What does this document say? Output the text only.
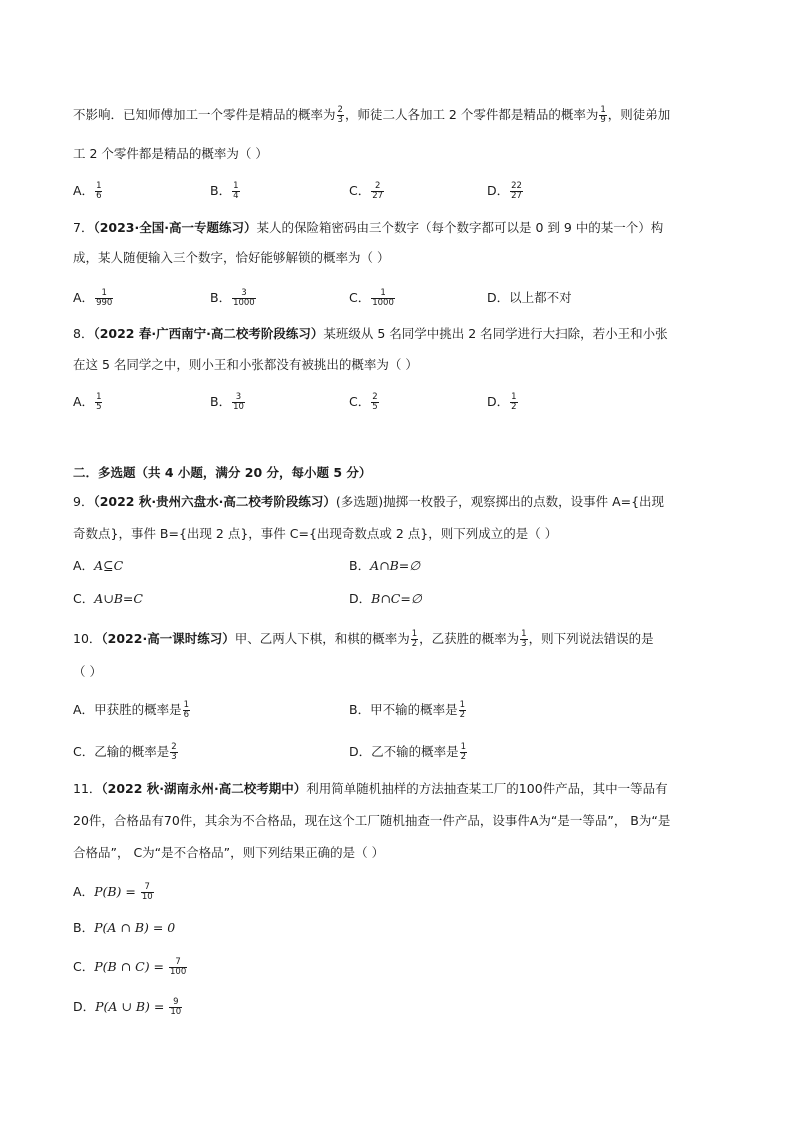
不影响．已知师傅加工一个零件是精品的概率为 $\frac{2}{3}$ ，师徒二人各加工 2 个零件都是精品的概率为 $\frac{1}{9}$ ，则徒弟加
工 2 个零件都是精品的概率为（ ）
A． $\frac{1}{6}$	B． $\frac{1}{4}$	C． $\frac{2}{27}$	D． $\frac{22}{27}$
7．（2023·全国·高一专题练习）某人的保险箱密码由三个数字（每个数字都可以是 0 到 9 中的某一个）构
成，某人随便输入三个数字，恰好能够解锁的概率为（ ）
A． $\frac{1}{990}$	B． $\frac{3}{1000}$	C． $\frac{1}{1000}$	D．以上都不对
8．（2022 春·广西南宁·高二校考阶段练习）某班级从 5 名同学中挑出 2 名同学进行大扫除，若小王和小张
在这 5 名同学之中，则小王和小张都没有被挑出的概率为（ ）
A． $\frac{1}{5}$	B． $\frac{3}{10}$	C． $\frac{2}{5}$	D． $\frac{1}{2}$
二．多选题（共 4 小题，满分 20 分，每小题 5 分）
9．（2022 秋·贵州六盘水·高二校考阶段练习）(多选题)抛掷一枚骰子，观察掷出的点数，设事件 A={出现
奇数点}，事件 B={出现 2 点}，事件 C={出现奇数点或 2 点}，则下列成立的是（ ）
A．A⊆C	B．A∩B=∅
C．A∪B=C	D．B∩C=∅
10．（2022·高一课时练习）甲、乙两人下棋，和棋的概率为 $\frac{1}{2}$ ，乙获胜的概率为 $\frac{1}{3}$ ，则下列说法错误的是
（ ）
A．甲获胜的概率是 $\frac{1}{6}$	B．甲不输的概率是 $\frac{1}{2}$
C．乙输的概率是 $\frac{2}{3}$	D．乙不输的概率是 $\frac{1}{2}$
11．（2022 秋·湖南永州·高二校考期中）利用简单随机抽样的方法抽查某工厂的100件产品，其中一等品有
20件，合格品有70件，其余为不合格品，现在这个工厂随机抽查一件产品，设事件A为“是一等品”， B为“是
合格品”， C为“是不合格品”，则下列结果正确的是（ ）
A．$P(B) = \frac{7}{10}$
B．P(A ∩ B) = 0
C．P(B ∩ $C) = \frac{7}{100}$
D．P(A ∪ $B) = \frac{9}{10}$
